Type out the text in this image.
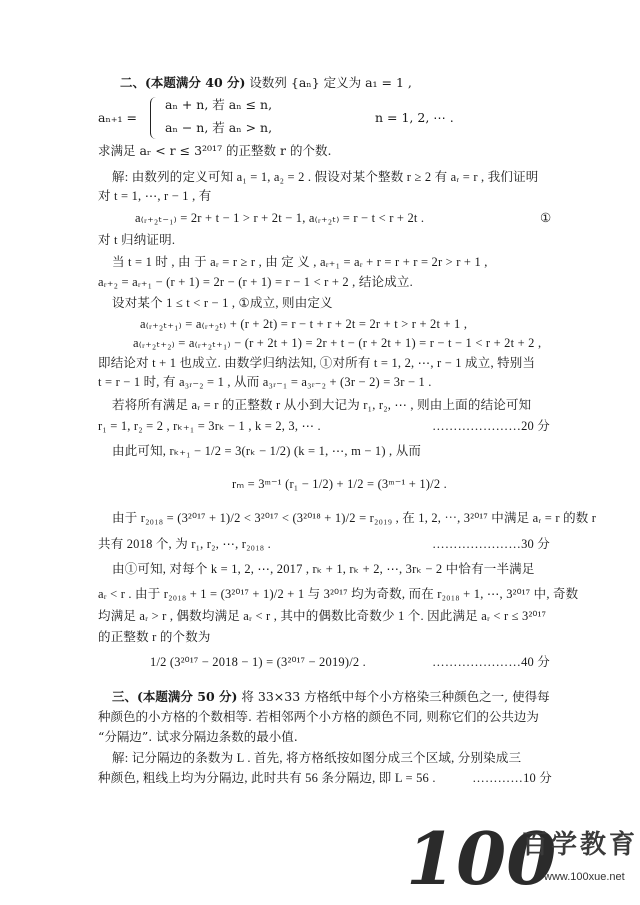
二、(本题满分 40 分) 设数列 {aₙ} 定义为 a₁ = 1 ,
aₙ₊₁ =
aₙ + n, 若 aₙ ≤ n,
aₙ − n, 若 aₙ > n,
n = 1, 2, ⋯ .
求满足 aᵣ < r ≤ 3²⁰¹⁷ 的正整数 r 的个数.
解: 由数列的定义可知 a₁ = 1, a₂ = 2 . 假设对某个整数 r ≥ 2 有 aᵣ = r , 我们证明
对 t = 1, ⋯, r − 1 , 有
a₍ᵣ₊₂ₜ₋₁₎ = 2r + t − 1 > r + 2t − 1, a₍ᵣ₊₂ₜ₎ = r − t < r + 2t .	①
对 t 归纳证明.
当 t = 1 时 , 由 于 aᵣ = r ≥ r , 由 定 义 , aᵣ₊₁ = aᵣ + r = r + r = 2r > r + 1 ,
aᵣ₊₂ = aᵣ₊₁ − (r + 1) = 2r − (r + 1) = r − 1 < r + 2 , 结论成立.
设对某个 1 ≤ t < r − 1 , ①成立, 则由定义
a₍ᵣ₊₂ₜ₊₁₎ = a₍ᵣ₊₂ₜ₎ + (r + 2t) = r − t + r + 2t = 2r + t > r + 2t + 1 ,
a₍ᵣ₊₂ₜ₊₂₎ = a₍ᵣ₊₂ₜ₊₁₎ − (r + 2t + 1) = 2r + t − (r + 2t + 1) = r − t − 1 < r + 2t + 2 ,
即结论对 t + 1 也成立. 由数学归纳法知, ①对所有 t = 1, 2, ⋯, r − 1 成立, 特别当
t = r − 1 时, 有 a₃ᵣ₋₂ = 1 , 从而 a₃ᵣ₋₁ = a₃ᵣ₋₂ + (3r − 2) = 3r − 1 .
若将所有满足 aᵣ = r 的正整数 r 从小到大记为 r₁, r₂, ⋯ , 则由上面的结论可知
r₁ = 1, r₂ = 2 , rₖ₊₁ = 3rₖ − 1 , k = 2, 3, ⋯ .	…………………20 分
由此可知, rₖ₊₁ − 1/2 = 3(rₖ − 1/2) (k = 1, ⋯, m − 1) , 从而
rₘ = 3ᵐ⁻¹ (r₁ − 1/2) + 1/2 = (3ᵐ⁻¹ + 1)/2 .
由于 r₂₀₁₈ = (3²⁰¹⁷ + 1)/2 < 3²⁰¹⁷ < (3²⁰¹⁸ + 1)/2 = r₂₀₁₉ , 在 1, 2, ⋯, 3²⁰¹⁷ 中满足 aᵣ = r 的数 r
共有 2018 个, 为 r₁, r₂, ⋯, r₂₀₁₈ .	…………………30 分
由①可知, 对每个 k = 1, 2, ⋯, 2017 , rₖ + 1, rₖ + 2, ⋯, 3rₖ − 2 中恰有一半满足
aᵣ < r . 由于 r₂₀₁₈ + 1 = (3²⁰¹⁷ + 1)/2 + 1 与 3²⁰¹⁷ 均为奇数, 而在 r₂₀₁₈ + 1, ⋯, 3²⁰¹⁷ 中, 奇数
均满足 aᵣ > r , 偶数均满足 aᵣ < r , 其中的偶数比奇数少 1 个. 因此满足 aᵣ < r ≤ 3²⁰¹⁷
的正整数 r 的个数为
1/2 (3²⁰¹⁷ − 2018 − 1) = (3²⁰¹⁷ − 2019)/2 .	…………………40 分
三、(本题满分 50 分) 将 33×33 方格纸中每个小方格染三种颜色之一, 使得每
种颜色的小方格的个数相等. 若相邻两个小方格的颜色不同, 则称它们的公共边为
“分隔边”. 试求分隔边条数的最小值.
解: 记分隔边的条数为 L . 首先, 将方格纸按如图分成三个区域, 分别染成三
种颜色, 粗线上均为分隔边, 此时共有 56 条分隔边, 即 L = 56 .	…………10 分
100
百学教育
www.100xue.net
